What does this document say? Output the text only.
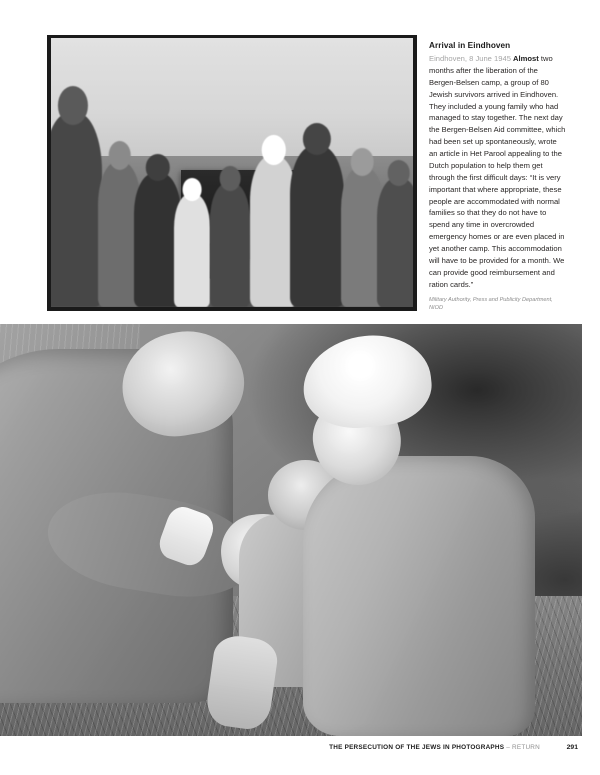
Arrival in Eindhoven

Eindhoven, 8 June 1945 Almost two months after the liberation of the Bergen-Belsen camp, a group of 80 Jewish survivors arrived in Eindhoven. They included a young family who had managed to stay together. The next day the Bergen-Belsen Aid committee, which had been set up spontaneously, wrote an article in Het Parool appealing to the Dutch population to help them get through the first difficult days: “It is very important that where appropriate, these people are accommodated with normal families so that they do not have to spend any time in overcrowded emergency homes or are even placed in yet another camp. This accommodation will have to be provided for a month. We can provide good reimbursement and ration cards.”

Military Authority, Press and Publicity Department, NIOD

THE PERSECUTION OF THE JEWS IN PHOTOGRAPHS – RETURN	291
